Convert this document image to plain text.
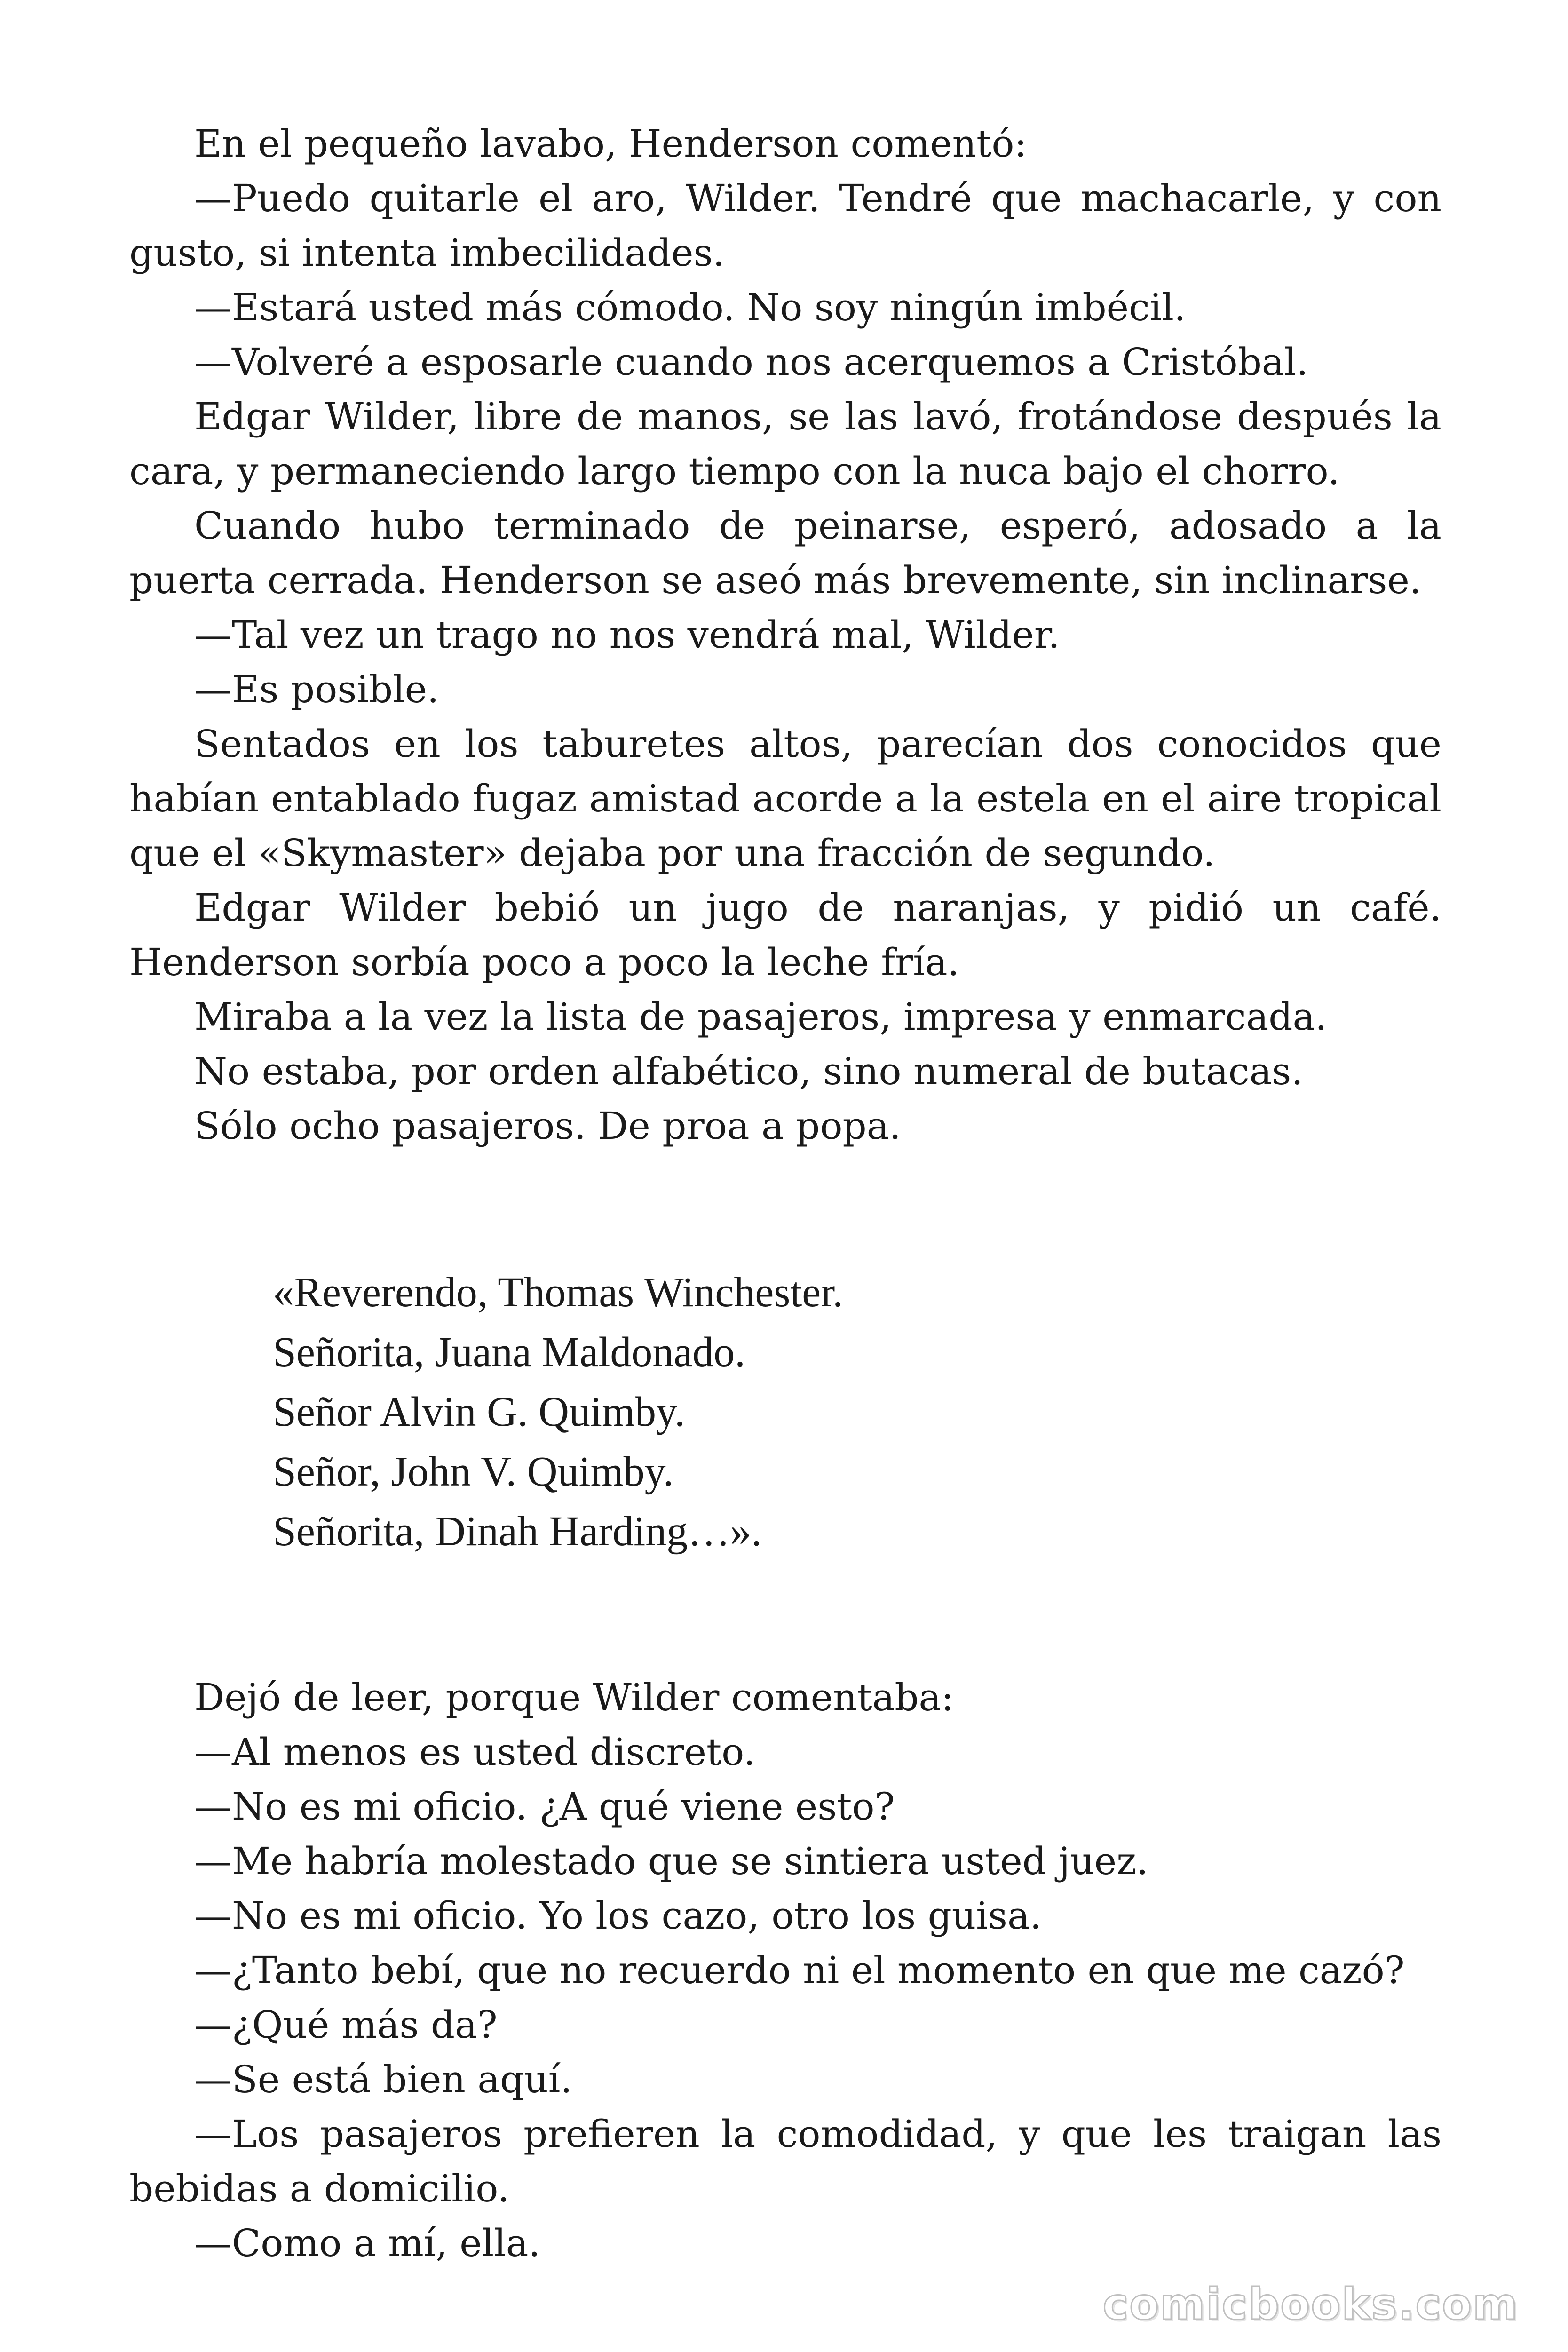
En el pequeño lavabo, Henderson comentó:

—Puedo quitarle el aro, Wilder. Tendré que machacarle, y con gusto, si intenta imbecilidades.

—Estará usted más cómodo. No soy ningún imbécil.

—Volveré a esposarle cuando nos acerquemos a Cristóbal.

Edgar Wilder, libre de manos, se las lavó, frotándose después la cara, y permaneciendo largo tiempo con la nuca bajo el chorro.

Cuando hubo terminado de peinarse, esperó, adosado a la puerta cerrada. Henderson se aseó más brevemente, sin inclinarse.

—Tal vez un trago no nos vendrá mal, Wilder.

—Es posible.

Sentados en los taburetes altos, parecían dos conocidos que habían entablado fugaz amistad acorde a la estela en el aire tropical que el «Skymaster» dejaba por una fracción de segundo.

Edgar Wilder bebió un jugo de naranjas, y pidió un café. Henderson sorbía poco a poco la leche fría.

Miraba a la vez la lista de pasajeros, impresa y enmarcada.

No estaba, por orden alfabético, sino numeral de butacas.

Sólo ocho pasajeros. De proa a popa.

«Reverendo, Thomas Winchester.

Señorita, Juana Maldonado.

Señor Alvin G. Quimby.

Señor, John V. Quimby.

Señorita, Dinah Harding…».

Dejó de leer, porque Wilder comentaba:

—Al menos es usted discreto.

—No es mi oficio. ¿A qué viene esto?

—Me habría molestado que se sintiera usted juez.

—No es mi oficio. Yo los cazo, otro los guisa.

—¿Tanto bebí, que no recuerdo ni el momento en que me cazó?

—¿Qué más da?

—Se está bien aquí.

—Los pasajeros prefieren la comodidad, y que les traigan las bebidas a domicilio.

—Como a mí, ella.

comicbooks.com
